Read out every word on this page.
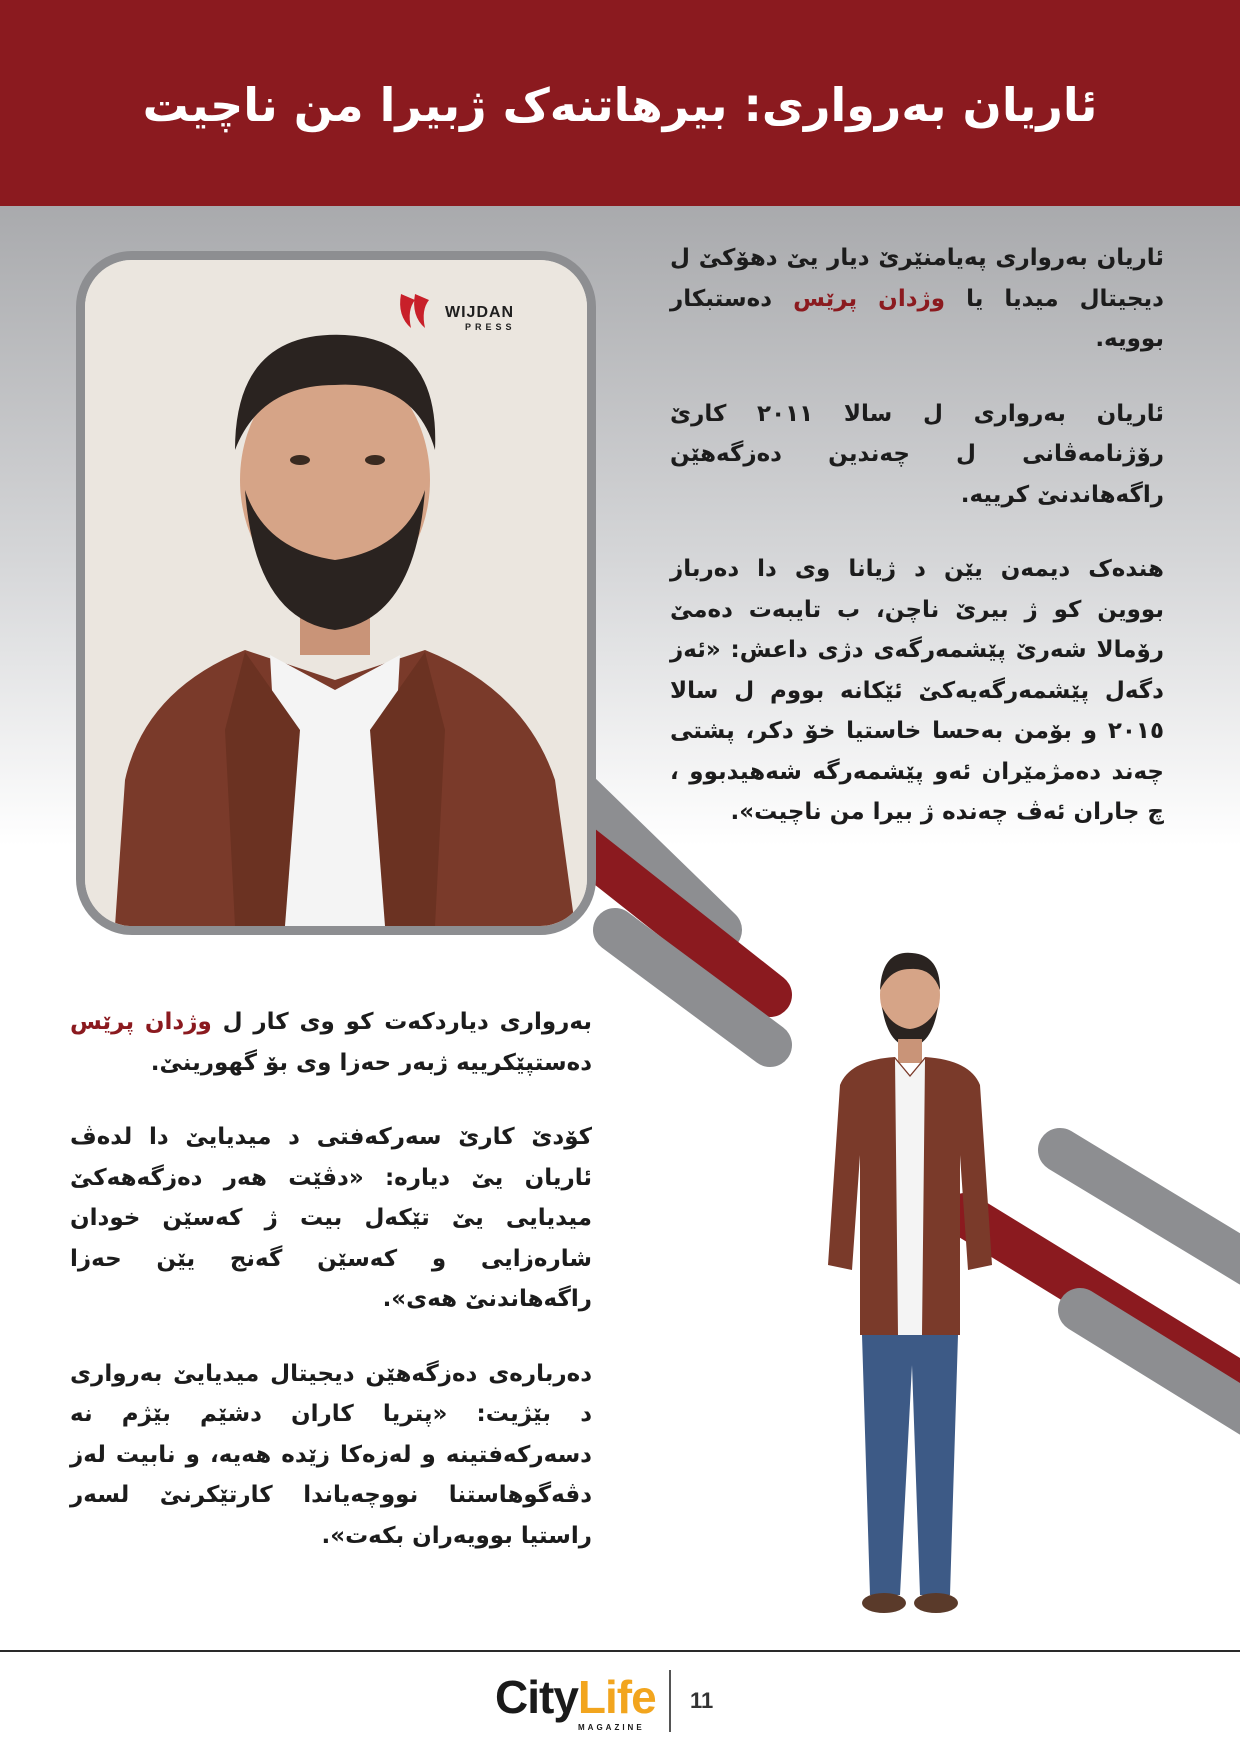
ئاریان بەرواری: بیرهاتنەک ژبیرا من ناچیت
WIJDAN
PRESS

ئاریان بەرواری پەیامنێرێ دیار یێ دهۆکێ ل دیجیتال میدیا یا وژدان پرێس دەستبکار بوویە.

ئاریان بەرواری ل سالا ٢٠١١ کارێ رۆژنامەڤانی ل چەندین دەزگەهێن راگەهاندنێ کرییە.

هندەک دیمەن یێن د ژیانا وی دا دەرباز بووین کو ژ بیرێ ناچن، ب تایبەت دەمێ رۆمالا شەرێ پێشمەرگەی دژی داعش: «ئەز دگەل پێشمەرگەیەکێ ئێکانە بووم ل سالا ٢٠١٥ و بۆمن بەحسا خاستیا خۆ دکر، پشتی چەند دەمژمێران ئەو پێشمەرگە شەهیدبوو ، چ جاران ئەڤ چەندە ژ بیرا من ناچیت».

بەرواری دیاردکەت کو وی کار ل وژدان پرێس دەستپێکرییە ژبەر حەزا وی بۆ گهورینێ.

کۆدێ کارێ سەرکەفتی د میدیایێ دا لدەڤ ئاریان یێ دیارە: «دڤێت هەر دەزگەهەکێ میدیایی یێ تێکەل بیت ژ کەسێن خودان شارەزایی و کەسێن گەنج یێن حەزا راگەهاندنێ هەی».

دەربارەی دەزگەهێن دیجیتال میدیایێ بەرواری د بێژیت: «پتریا کاران دشێم بێژم نە دسەرکەفتینە و لەزەکا زێدە هەیە، و نابیت لەز دڤەگوهاستنا نووچەیاندا کارتێکرنێ لسەر راستیا بوویەران بکەت».

CityLife
MAGAZINE
11
